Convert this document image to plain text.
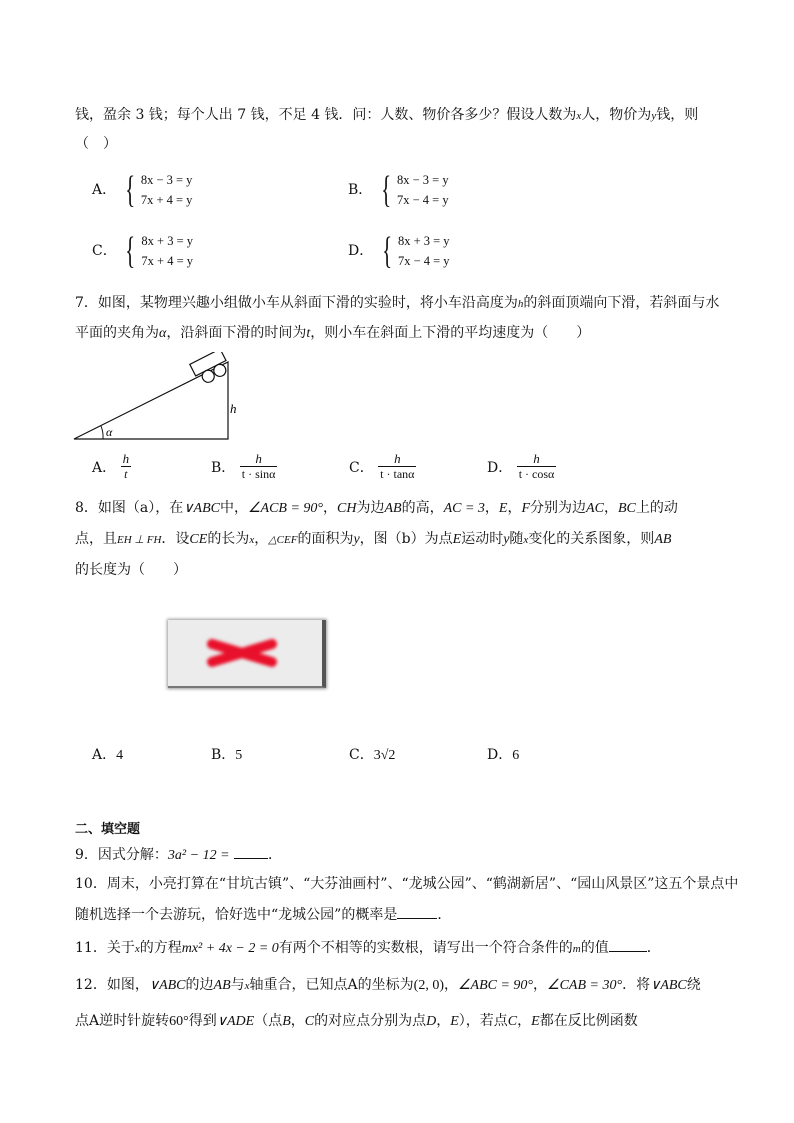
钱，盈余 3 钱；每个人出 7 钱，不足 4 钱．问：人数、物价各多少？假设人数为x人，物价为y钱，则
（　）
A． { 8x − 3 = y
7x + 4 = y
B． { 8x − 3 = y
7x − 4 = y
C． { 8x + 3 = y
7x + 4 = y
D． { 8x + 3 = y
7x − 4 = y
7．如图，某物理兴趣小组做小车从斜面下滑的实验时，将小车沿高度为h的斜面顶端向下滑，若斜面与水
平面的夹角为α，沿斜面下滑的时间为t，则小车在斜面上下滑的平均速度为（　　）
h
α
A． $\frac{h}{t}$	B． $\frac{h}{t \cdot \sin\alpha}$	C． $\frac{h}{t \cdot \tan\alpha}$	D． $\frac{h}{t \cdot \cos\alpha}$
8．如图（a），在∨ABC中，∠ACB = 90°，CH为边AB的高，AC = 3，E，F分别为边AC，BC上的动
点，且EH ⊥ FH．设CE的长为x，△CEF的面积为y，图（b）为点E运动时y随x变化的关系图象，则AB
的长度为（　　）
A．4	B．5	C．3√2	D．6
二、填空题
9．因式分解：3a² − 12 =	．
10．周末，小亮打算在“甘坑古镇”、“大芬油画村”、“龙城公园”、“鹤湖新居”、“园山风景区”这五个景点中
随机选择一个去游玩，恰好选中“龙城公园”的概率是	．
11．关于x的方程mx² + 4x − 2 = 0有两个不相等的实数根，请写出一个符合条件的m的值	．
12．如图，∨ABC的边AB与x轴重合，已知点A的坐标为(2, 0)，∠ABC = 90°，∠CAB = 30°．将∨ABC绕
点A逆时针旋转60°得到∨ADE（点B，C的对应点分别为点D，E），若点C，E都在反比例函数
